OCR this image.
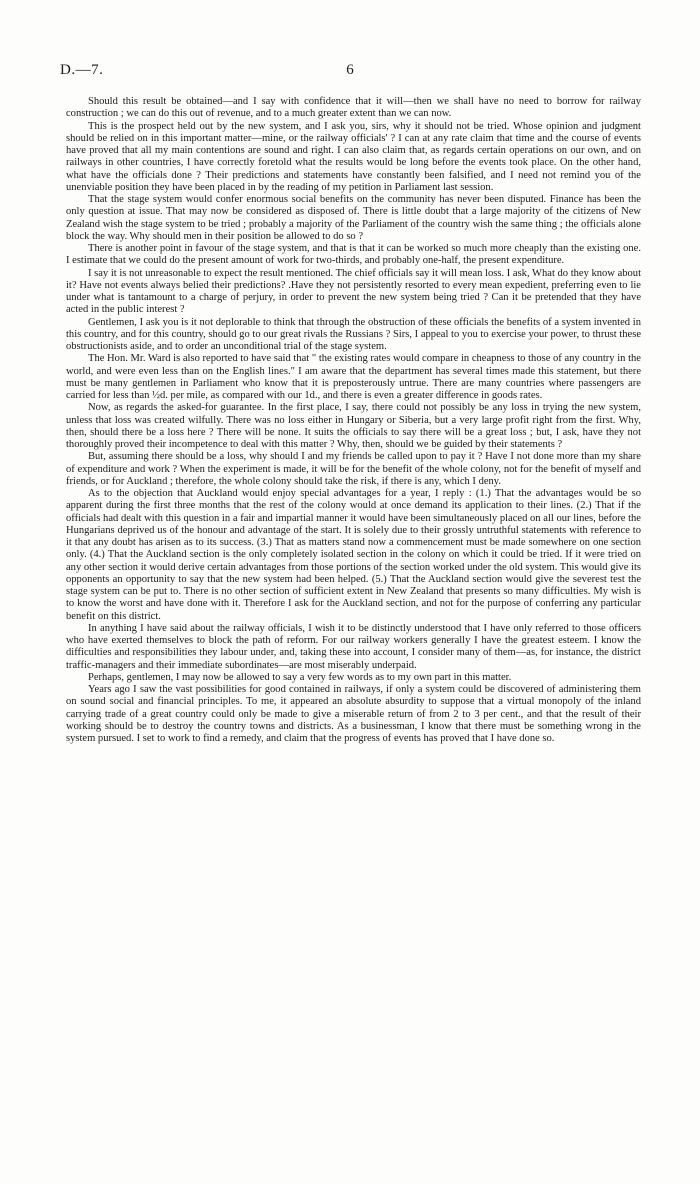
D.—7.	6

Should this result be obtained—and I say with confidence that it will—then we shall have no need to borrow for railway construction ; we can do this out of revenue, and to a much greater extent than we can now.

This is the prospect held out by the new system, and I ask you, sirs, why it should not be tried. Whose opinion and judgment should be relied on in this important matter—mine, or the railway officials' ? I can at any rate claim that time and the course of events have proved that all my main contentions are sound and right. I can also claim that, as regards certain operations on our own, and on railways in other countries, I have correctly foretold what the results would be long before the events took place. On the other hand, what have the officials done ? Their predictions and statements have constantly been falsified, and I need not remind you of the unenviable position they have been placed in by the reading of my petition in Parliament last session.

That the stage system would confer enormous social benefits on the community has never been disputed. Finance has been the only question at issue. That may now be considered as disposed of. There is little doubt that a large majority of the citizens of New Zealand wish the stage system to be tried ; probably a majority of the Parliament of the country wish the same thing ; the officials alone block the way. Why should men in their position be allowed to do so ?

There is another point in favour of the stage system, and that is that it can be worked so much more cheaply than the existing one. I estimate that we could do the present amount of work for two-thirds, and probably one-half, the present expenditure.

I say it is not unreasonable to expect the result mentioned. The chief officials say it will mean loss. I ask, What do they know about it? Have not events always belied their predictions? .Have they not persistently resorted to every mean expedient, preferring even to lie under what is tantamount to a charge of perjury, in order to prevent the new system being tried ? Can it be pretended that they have acted in the public interest ?

Gentlemen, I ask you is it not deplorable to think that through the obstruction of these officials the benefits of a system invented in this country, and for this country, should go to our great rivals the Russians ? Sirs, I appeal to you to exercise your power, to thrust these obstructionists aside, and to order an unconditional trial of the stage system.

The Hon. Mr. Ward is also reported to have said that " the existing rates would compare in cheapness to those of any country in the world, and were even less than on the English lines." I am aware that the department has several times made this statement, but there must be many gentlemen in Parliament who know that it is preposterously untrue. There are many countries where passengers are carried for less than ½d. per mile, as compared with our 1d., and there is even a greater difference in goods rates.

Now, as regards the asked-for guarantee. In the first place, I say, there could not possibly be any loss in trying the new system, unless that loss was created wilfully. There was no loss either in Hungary or Siberia, but a very large profit right from the first. Why, then, should there be a loss here ? There will be none. It suits the officials to say there will be a great loss ; but, I ask, have they not thoroughly proved their incompetence to deal with this matter ? Why, then, should we be guided by their statements ?

But, assuming there should be a loss, why should I and my friends be called upon to pay it ? Have I not done more than my share of expenditure and work ? When the experiment is made, it will be for the benefit of the whole colony, not for the benefit of myself and friends, or for Auckland ; therefore, the whole colony should take the risk, if there is any, which I deny.

As to the objection that Auckland would enjoy special advantages for a year, I reply : (1.) That the advantages would be so apparent during the first three months that the rest of the colony would at once demand its application to their lines. (2.) That if the officials had dealt with this question in a fair and impartial manner it would have been simultaneously placed on all our lines, before the Hungarians deprived us of the honour and advantage of the start. It is solely due to their grossly untruthful statements with reference to it that any doubt has arisen as to its success. (3.) That as matters stand now a commencement must be made somewhere on one section only. (4.) That the Auckland section is the only completely isolated section in the colony on which it could be tried. If it were tried on any other section it would derive certain advantages from those portions of the section worked under the old system. This would give its opponents an opportunity to say that the new system had been helped. (5.) That the Auckland section would give the severest test the stage system can be put to. There is no other section of sufficient extent in New Zealand that presents so many difficulties. My wish is to know the worst and have done with it. Therefore I ask for the Auckland section, and not for the purpose of conferring any particular benefit on this district.

In anything I have said about the railway officials, I wish it to be distinctly understood that I have only referred to those officers who have exerted themselves to block the path of reform. For our railway workers generally I have the greatest esteem. I know the difficulties and responsibilities they labour under, and, taking these into account, I consider many of them—as, for instance, the district traffic-managers and their immediate subordinates—are most miserably underpaid.

Perhaps, gentlemen, I may now be allowed to say a very few words as to my own part in this matter.

Years ago I saw the vast possibilities for good contained in railways, if only a system could be discovered of administering them on sound social and financial principles. To me, it appeared an absolute absurdity to suppose that a virtual monopoly of the inland carrying trade of a great country could only be made to give a miserable return of from 2 to 3 per cent., and that the result of their working should be to destroy the country towns and districts. As a businessman, I know that there must be something wrong in the system pursued. I set to work to find a remedy, and claim that the progress of events has proved that I have done so.
